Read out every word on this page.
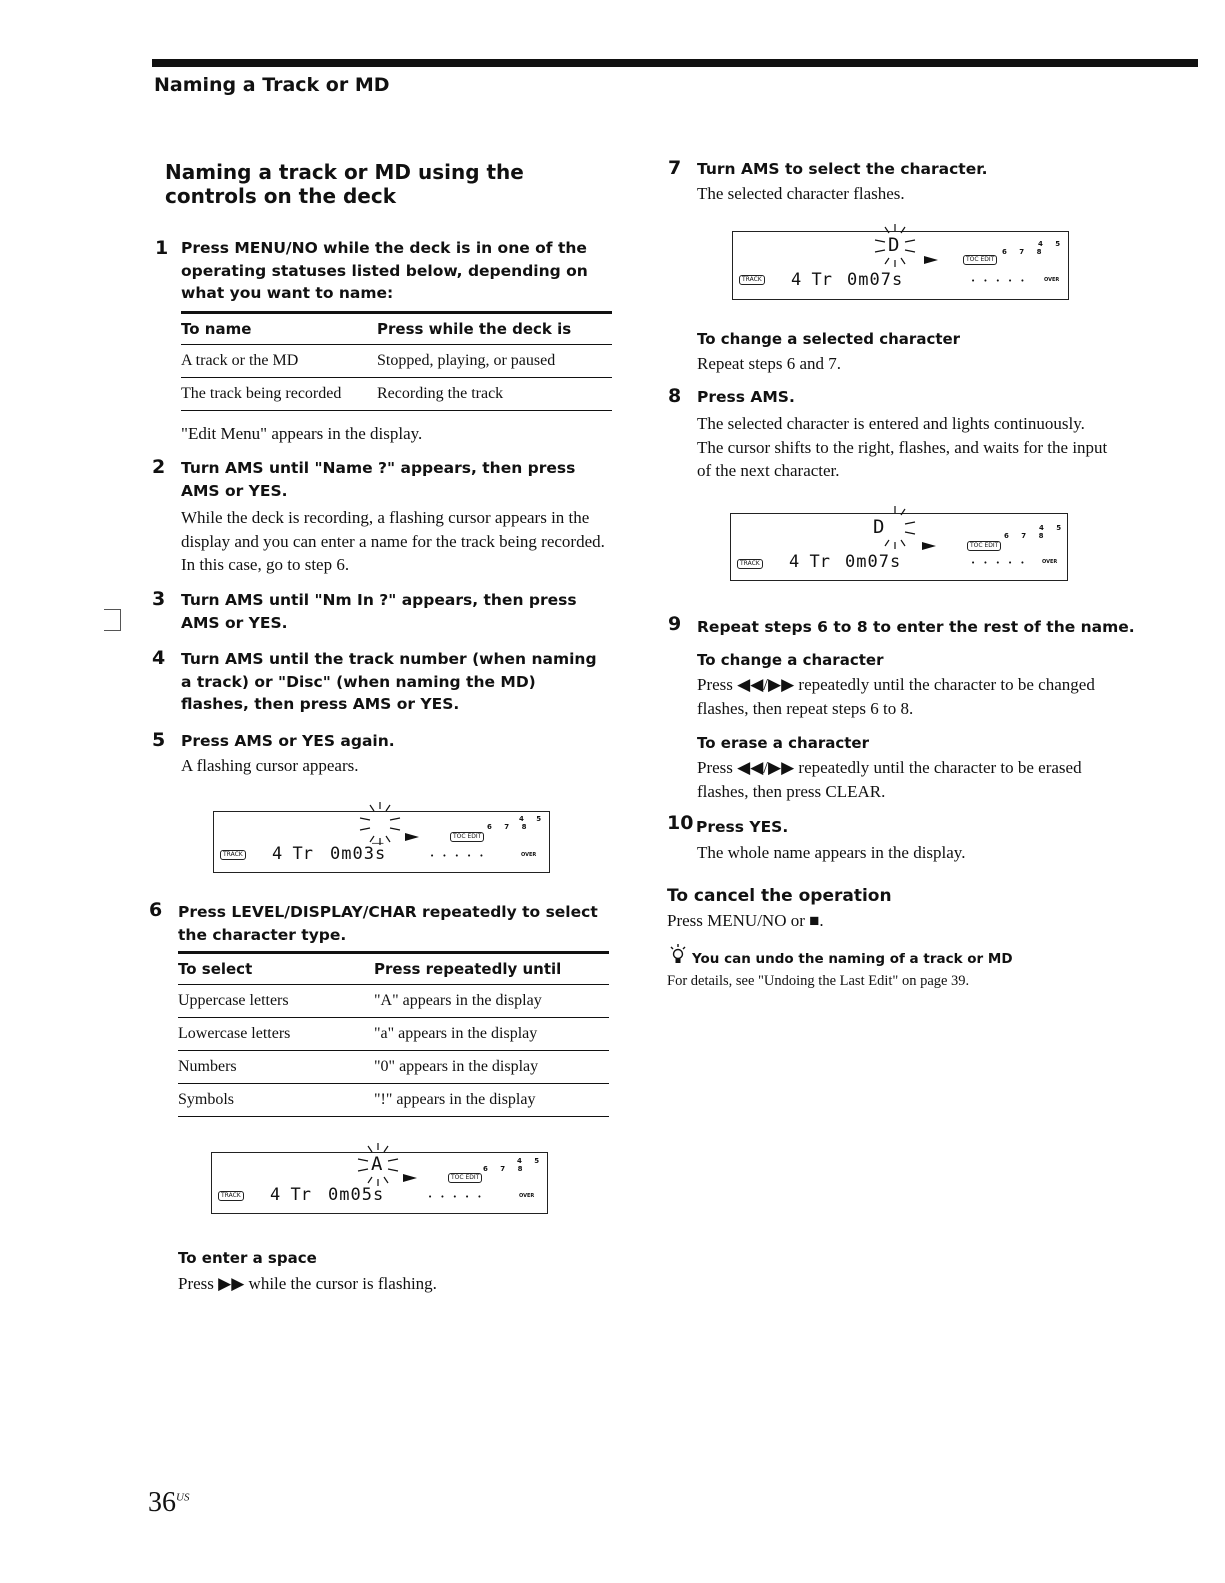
Naming a Track or MD
Naming a track or MD using the controls on the deck
1 Press MENU/NO while the deck is in one of the operating statuses listed below, depending on what you want to name:
To name	Press while the deck is
A track or the MD	Stopped, playing, or paused
The track being recorded	Recording the track
"Edit Menu" appears in the display.
2 Turn AMS until "Name ?" appears, then press AMS or YES.
While the deck is recording, a flashing cursor appears in the display and you can enter a name for the track being recorded. In this case, go to step 6.
3 Turn AMS until "Nm In ?" appears, then press AMS or YES.
4 Turn AMS until the track number (when naming a track) or "Disc" (when naming the MD) flashes, then press AMS or YES.
5 Press AMS or YES again.
A flashing cursor appears.
_	TOC EDIT
6 7 8
4 5
TRACK 4 Tr 0m03s	• • • • •	OVER
6 Press LEVEL/DISPLAY/CHAR repeatedly to select the character type.
To select	Press repeatedly until
Uppercase letters	"A" appears in the display
Lowercase letters	"a" appears in the display
Numbers	"0" appears in the display
Symbols	"!" appears in the display
A
TOC EDIT
6 7 8
4 5
TRACK 4 Tr 0m05s	• • • • •	OVER
To enter a space
Press ▶▶ while the cursor is flashing.
7 Turn AMS to select the character.
The selected character flashes.
D
TOC EDIT
6 7 8
4 5
TRACK 4 Tr 0m07s	• • • • •	OVER
To change a selected character
Repeat steps 6 and 7.
8 Press AMS.
The selected character is entered and lights continuously. The cursor shifts to the right, flashes, and waits for the input of the next character.
D
TOC EDIT
6 7 8
4 5
TRACK 4 Tr 0m07s	• • • • •	OVER
9 Repeat steps 6 to 8 to enter the rest of the name.
To change a character
Press ◀◀/▶▶ repeatedly until the character to be changed flashes, then repeat steps 6 to 8.
To erase a character
Press ◀◀/▶▶ repeatedly until the character to be erased flashes, then press CLEAR.
10 Press YES.
The whole name appears in the display.
To cancel the operation
Press MENU/NO or ■.
You can undo the naming of a track or MD
For details, see "Undoing the Last Edit" on page 39.
$36^{US}$
